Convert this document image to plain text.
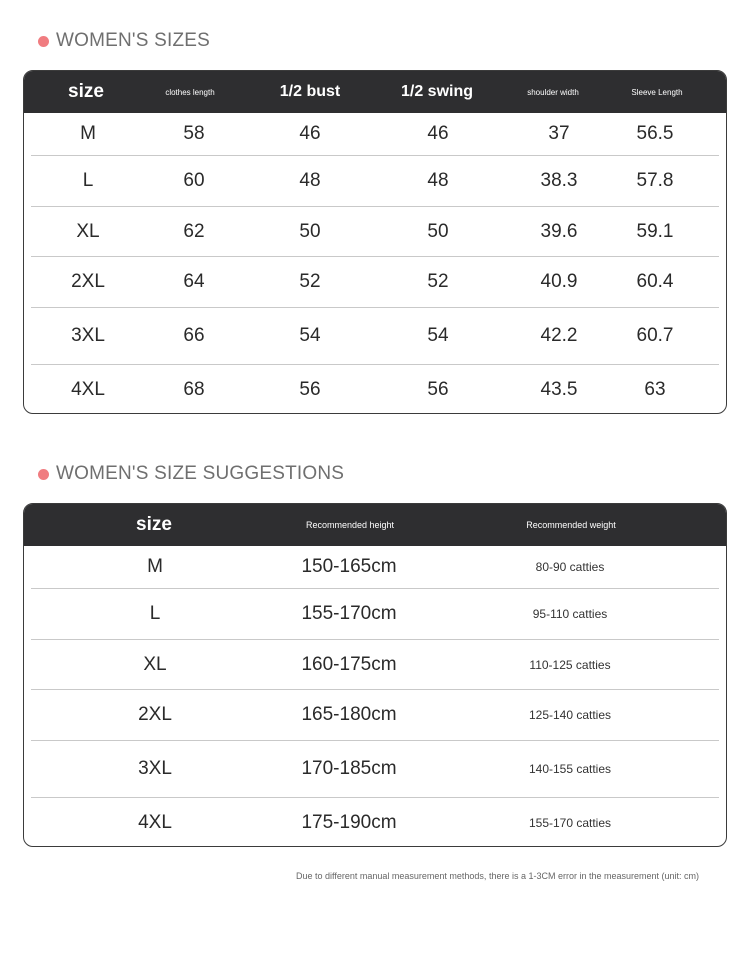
WOMEN'S SIZES
size	clothes length	1/2 bust	1/2 swing	shoulder width	Sleeve Length
M	58	46	46	37	56.5
L	60	48	48	38.3	57.8
XL	62	50	50	39.6	59.1
2XL	64	52	52	40.9	60.4
3XL	66	54	54	42.2	60.7
4XL	68	56	56	43.5	63
WOMEN'S SIZE SUGGESTIONS
size	Recommended height	Recommended weight
M	150-165cm	80-90 catties
L	155-170cm	95-110 catties
XL	160-175cm	110-125 catties
2XL	165-180cm	125-140 catties
3XL	170-185cm	140-155 catties
4XL	175-190cm	155-170 catties
Due to different manual measurement methods, there is a 1-3CM error in the measurement (unit: cm)
